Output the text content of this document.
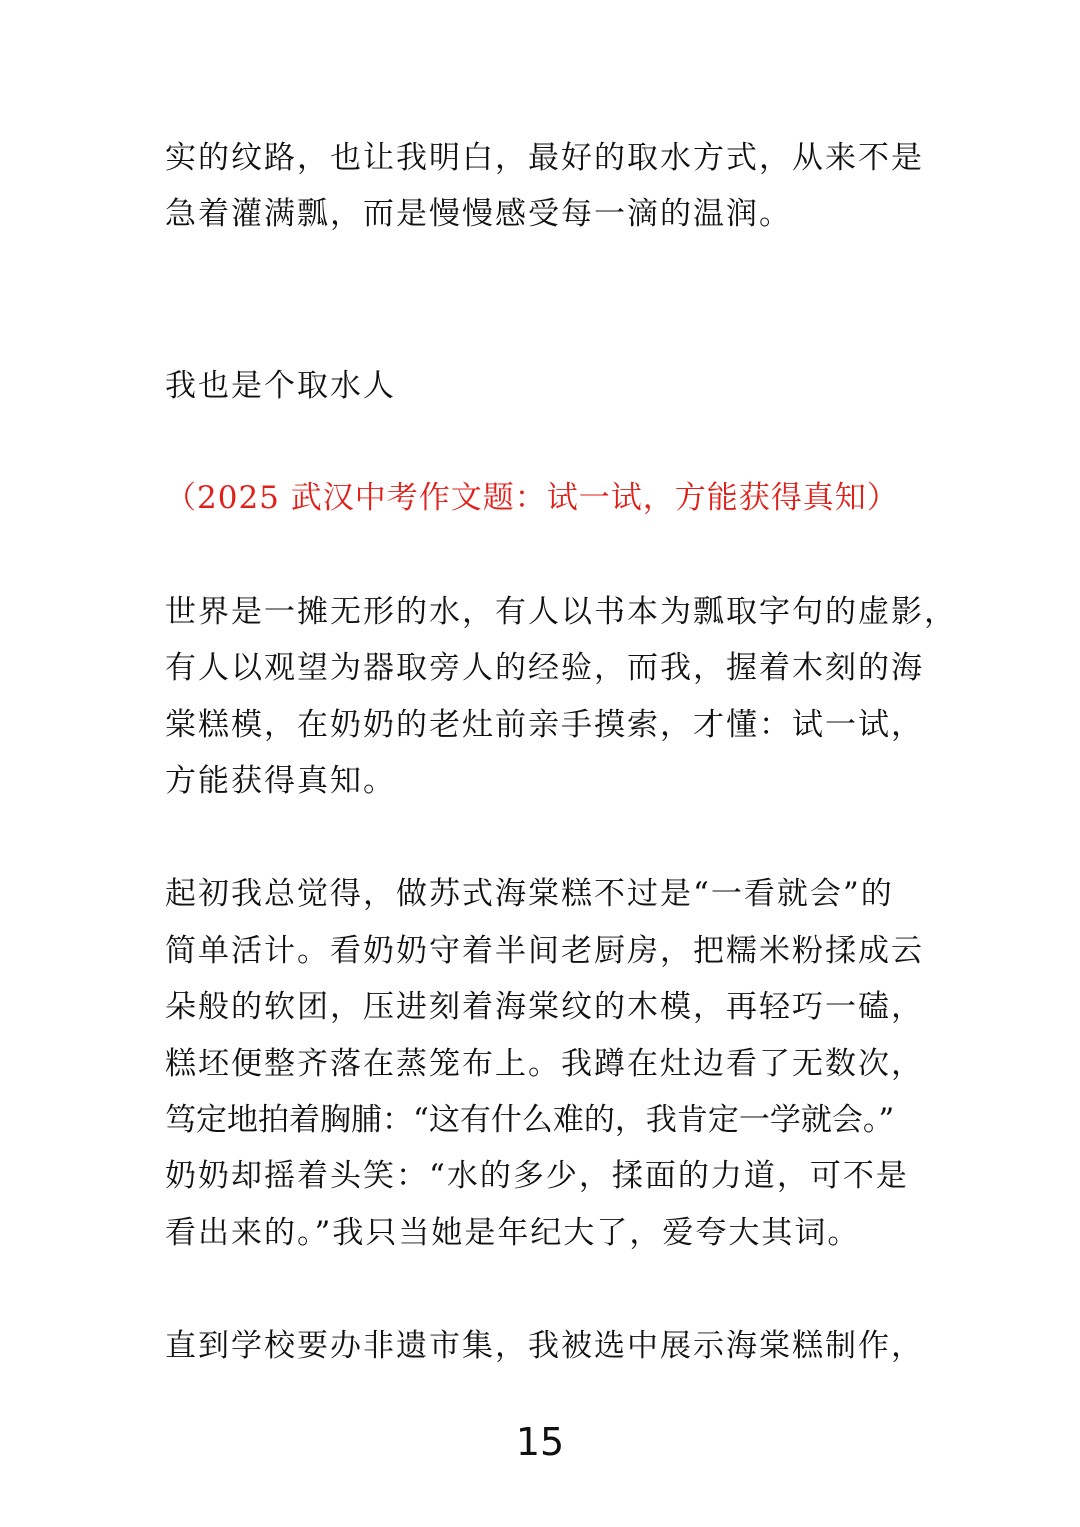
实的纹路，也让我明白，最好的取水方式，从来不是
急着灌满瓢，而是慢慢感受每一滴的温润。
我也是个取水人
（2025 武汉中考作文题：试一试，方能获得真知）
世界是一摊无形的水，有人以书本为瓢取字句的虚影，
有人以观望为器取旁人的经验，而我，握着木刻的海
棠糕模，在奶奶的老灶前亲手摸索，才懂：试一试，
方能获得真知。
起初我总觉得，做苏式海棠糕不过是“一看就会”的
简单活计。看奶奶守着半间老厨房，把糯米粉揉成云
朵般的软团，压进刻着海棠纹的木模，再轻巧一磕，
糕坯便整齐落在蒸笼布上。我蹲在灶边看了无数次，
笃定地拍着胸脯：“这有什么难的，我肯定一学就会。”
奶奶却摇着头笑：“水的多少，揉面的力道，可不是
看出来的。”我只当她是年纪大了，爱夸大其词。
直到学校要办非遗市集，我被选中展示海棠糕制作，
15
